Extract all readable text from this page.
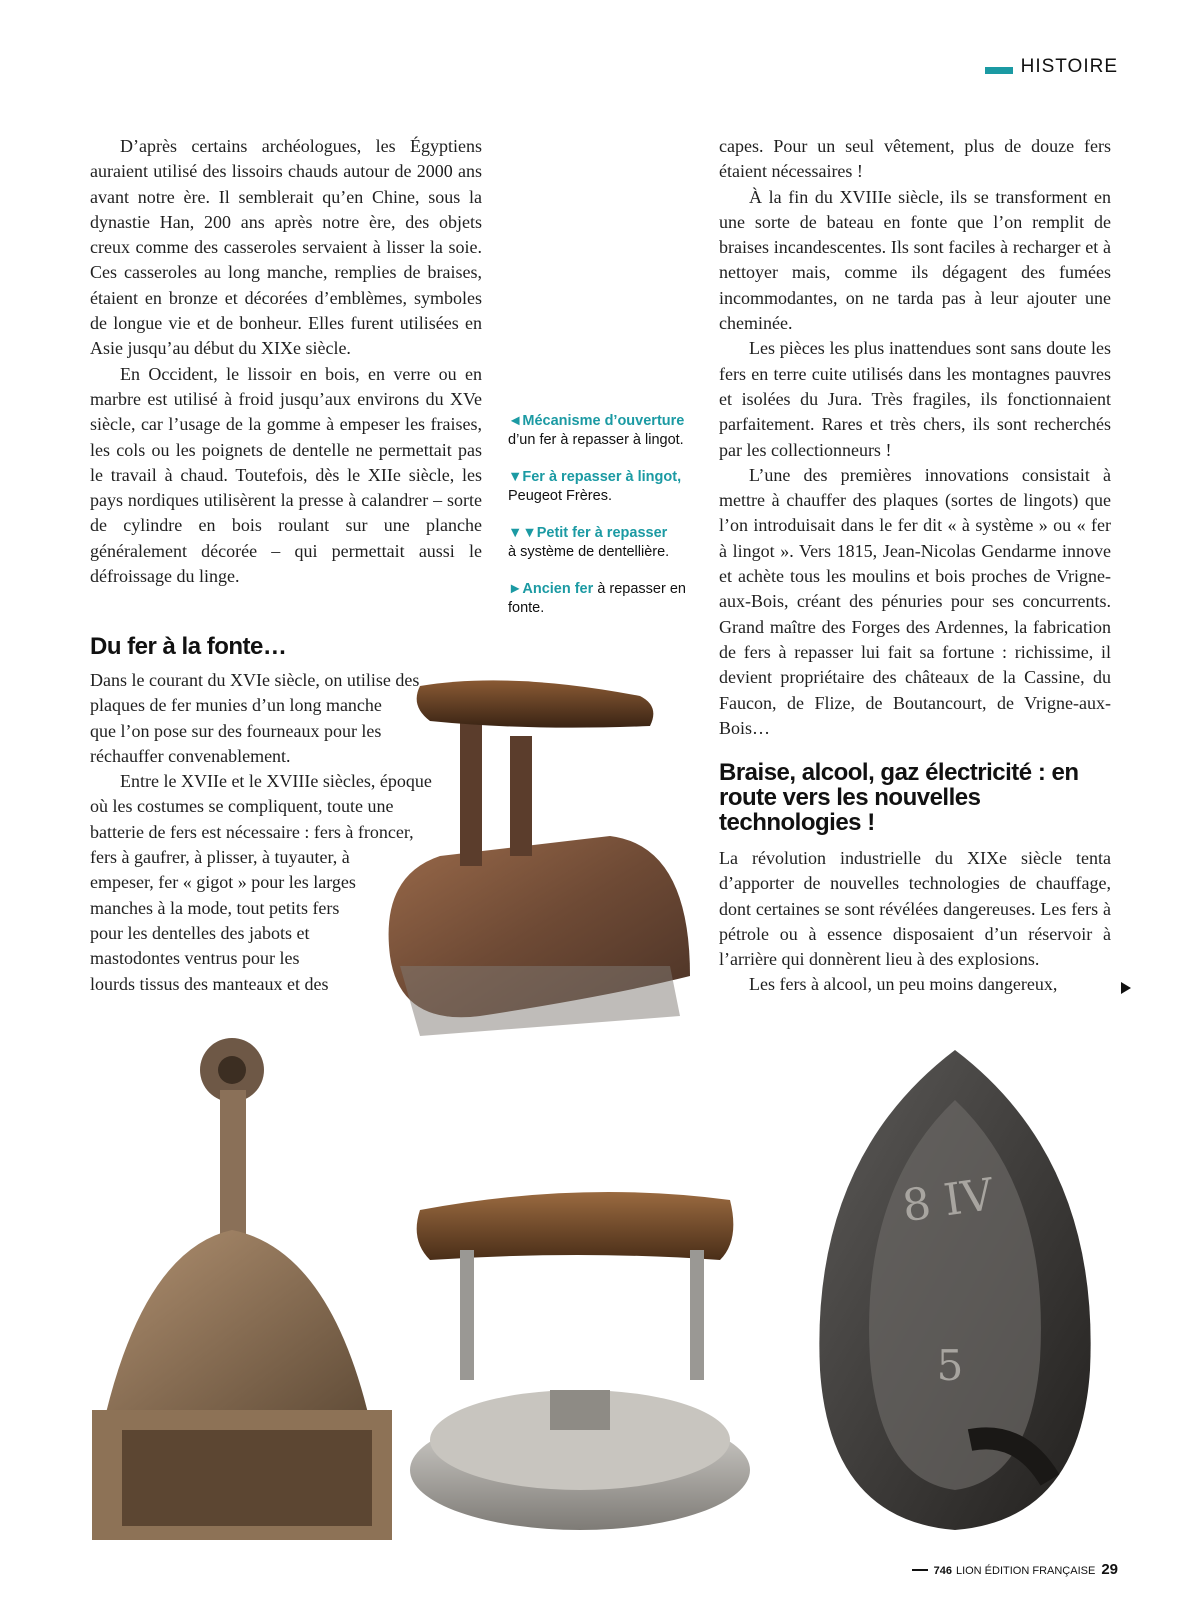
HISTOIRE

D’après certains archéologues, les Égyptiens auraient utilisé des lissoirs chauds autour de 2000 ans avant notre ère. Il semblerait qu’en Chine, sous la dynastie Han, 200 ans après notre ère, des objets creux comme des casseroles servaient à lisser la soie. Ces casseroles au long manche, remplies de braises, étaient en bronze et décorées d’emblèmes, symboles de longue vie et de bonheur. Elles furent utilisées en Asie jusqu’au début du XIXe siècle.

En Occident, le lissoir en bois, en verre ou en marbre est utilisé à froid jusqu’aux environs du XVe siècle, car l’usage de la gomme à empeser les fraises, les cols ou les poignets de dentelle ne permettait pas le travail à chaud. Toutefois, dès le XIIe siècle, les pays nordiques utilisèrent la presse à calandrer – sorte de cylindre en bois roulant sur une planche généralement décorée – qui permettait aussi le défroissage du linge.

Du fer à la fonte…
Dans le courant du XVIe siècle, on utilise des
plaques de fer munies d’un long manche
que l’on pose sur des fourneaux pour les
réchauffer convenablement.
Entre le XVIIe et le XVIIIe siècles, époque
où les costumes se compliquent, toute une
batterie de fers est nécessaire : fers à froncer,
fers à gaufrer, à plisser, à tuyauter, à
empeser, fer « gigot » pour les larges
manches à la mode, tout petits fers
pour les dentelles des jabots et
mastodontes ventrus pour les
lourds tissus des manteaux et des
◄Mécanisme d’ouverture
d’un fer à repasser à lingot.
▼Fer à repasser à lingot,
Peugeot Frères.
▼▼Petit fer à repasser
à système de dentellière.
►Ancien fer à repasser en fonte.

capes. Pour un seul vêtement, plus de douze fers étaient nécessaires !

À la fin du XVIIIe siècle, ils se transforment en une sorte de bateau en fonte que l’on remplit de braises incandescentes. Ils sont faciles à recharger et à nettoyer mais, comme ils dégagent des fumées incommodantes, on ne tarda pas à leur ajouter une cheminée.

Les pièces les plus inattendues sont sans doute les fers en terre cuite utilisés dans les montagnes pauvres et isolées du Jura. Très fragiles, ils fonctionnaient parfaitement. Rares et très chers, ils sont recherchés par les collectionneurs !

L’une des premières innovations consistait à mettre à chauffer des plaques (sortes de lingots) que l’on introduisait dans le fer dit « à système » ou « fer à lingot ». Vers 1815, Jean-Nicolas Gendarme innove et achète tous les moulins et bois proches de Vrigne-aux-Bois, créant des pénuries pour ses concurrents. Grand maître des Forges des Ardennes, la fabrication de fers à repasser lui fait sa fortune : richissime, il devient propriétaire des châteaux de la Cassine, du Faucon, de Flize, de Boutancourt, de Vrigne-aux-Bois…

Braise, alcool, gaz électricité : en route vers les nouvelles technologies !

La révolution industrielle du XIXe siècle tenta d’apporter de nouvelles technologies de chauffage, dont certaines se sont révélées dangereuses. Les fers à pétrole ou à essence disposaient d’un réservoir à l’arrière qui donnèrent lieu à des explosions.

Les fers à alcool, un peu moins dangereux,

8 IV
5
746 LION ÉDITION FRANÇAISE 29
